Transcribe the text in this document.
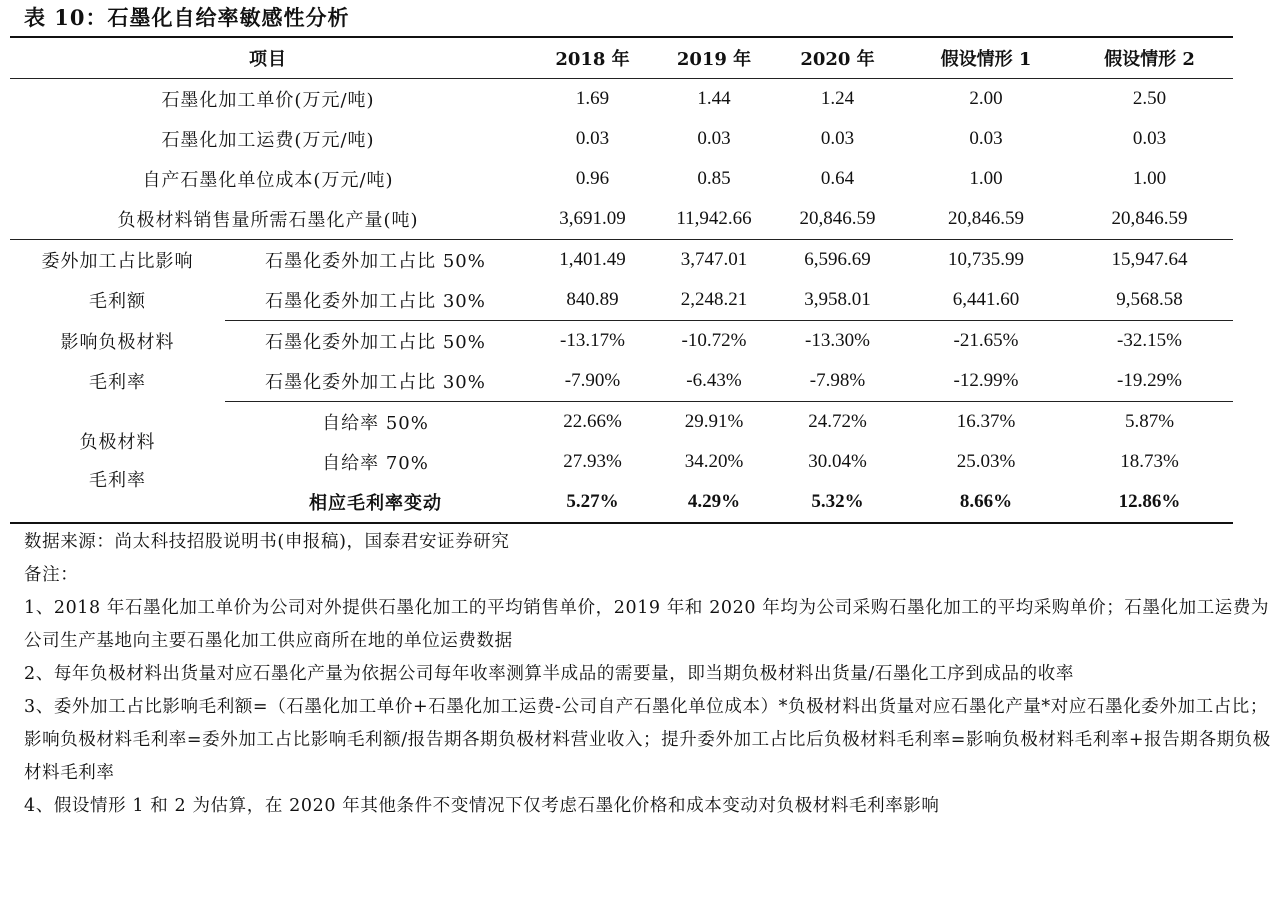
表 10：石墨化自给率敏感性分析
项目		2018 年	2019 年	2020 年	假设情形 1	假设情形 2
石墨化加工单价(万元/吨)		1.69	1.44	1.24	2.00	2.50
石墨化加工运费(万元/吨)		0.03	0.03	0.03	0.03	0.03
自产石墨化单位成本(万元/吨)		0.96	0.85	0.64	1.00	1.00
负极材料销售量所需石墨化产量(吨)		3,691.09	11,942.66	20,846.59	20,846.59	20,846.59
委外加工占比影响	石墨化委外加工占比 50%	1,401.49	3,747.01	6,596.69	10,735.99	15,947.64
毛利额	石墨化委外加工占比 30%	840.89	2,248.21	3,958.01	6,441.60	9,568.58
影响负极材料	石墨化委外加工占比 50%	-13.17%	-10.72%	-13.30%	-21.65%	-32.15%
毛利率	石墨化委外加工占比 30%	-7.90%	-6.43%	-7.98%	-12.99%	-19.29%
负极材料
毛利率	自给率 50%	22.66%	29.91%	24.72%	16.37%	5.87%
	自给率 70%	27.93%	34.20%	30.04%	25.03%	18.73%
	相应毛利率变动	5.27%	4.29%	5.32%	8.66%	12.86%

数据来源：尚太科技招股说明书(申报稿)，国泰君安证券研究

备注：

1、2018 年石墨化加工单价为公司对外提供石墨化加工的平均销售单价，2019 年和 2020 年均为公司采购石墨化加工的平均采购单价；石墨化加工运费为公司生产基地向主要石墨化加工供应商所在地的单位运费数据

2、每年负极材料出货量对应石墨化产量为依据公司每年收率测算半成品的需要量，即当期负极材料出货量/石墨化工序到成品的收率

3、委外加工占比影响毛利额=（石墨化加工单价+石墨化加工运费-公司自产石墨化单位成本）*负极材料出货量对应石墨化产量*对应石墨化委外加工占比；影响负极材料毛利率=委外加工占比影响毛利额/报告期各期负极材料营业收入；提升委外加工占比后负极材料毛利率=影响负极材料毛利率+报告期各期负极材料毛利率

4、假设情形 1 和 2 为估算，在 2020 年其他条件不变情况下仅考虑石墨化价格和成本变动对负极材料毛利率影响
